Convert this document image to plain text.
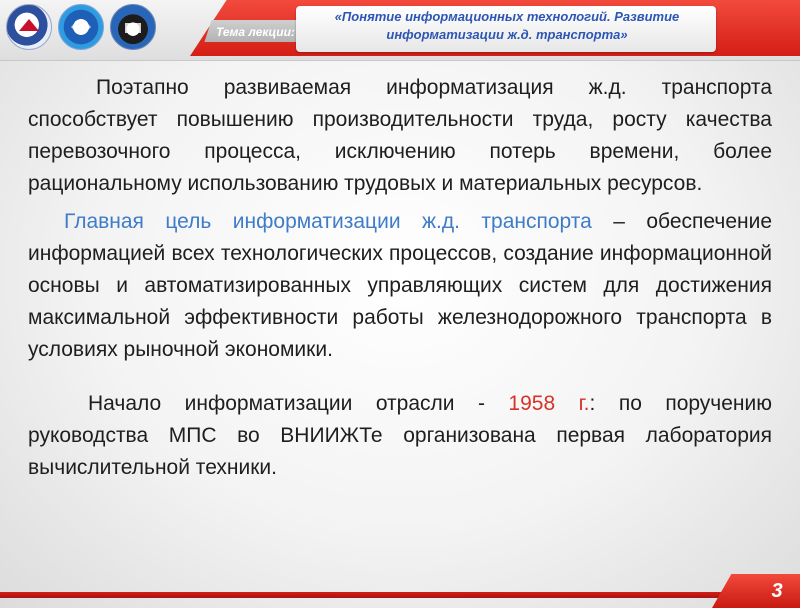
Тема лекции:
«Понятие информационных технологий. Развитие информатизации ж.д. транспорта»

Поэтапно развиваемая информатизация ж.д. транспорта способствует повышению производительности труда, росту качества перевозочного процесса, исключению потерь времени, более рациональному использованию трудовых и материальных ресурсов.

Главная цель информатизации ж.д. транспорта – обеспечение информацией всех технологических процессов, создание информационной основы и автоматизированных управляющих систем для достижения максимальной эффективности работы железнодорожного транспорта в условиях рыночной экономики.

Начало информатизации отрасли - 1958 г.: по поручению руководства МПС во ВНИИЖТе организована первая лаборатория вычислительной техники.

3
